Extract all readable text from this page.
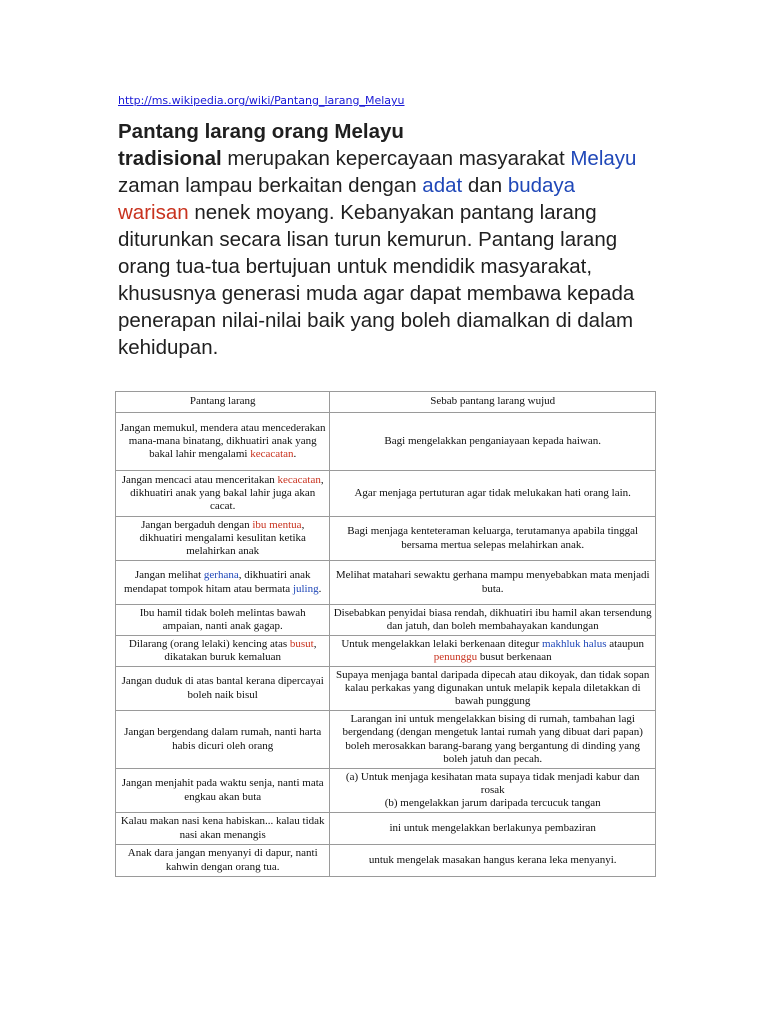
http://ms.wikipedia.org/wiki/Pantang_larang_Melayu
Pantang larang orang Melayu
tradisional merupakan kepercayaan masyarakat Melayu zaman lampau berkaitan dengan adat dan budaya warisan nenek moyang. Kebanyakan pantang larang diturunkan secara lisan turun kemurun. Pantang larang orang tua-tua bertujuan untuk mendidik masyarakat, khususnya generasi muda agar dapat membawa kepada penerapan nilai-nilai baik yang boleh diamalkan di dalam kehidupan.
Pantang larang	Sebab pantang larang wujud
Jangan memukul, mendera atau mencederakan mana-mana binatang, dikhuatiri anak yang bakal lahir mengalami kecacatan.	Bagi mengelakkan penganiayaan kepada haiwan.
Jangan mencaci atau menceritakan kecacatan, dikhuatiri anak yang bakal lahir juga akan cacat.	Agar menjaga pertuturan agar tidak melukakan hati orang lain.
Jangan bergaduh dengan ibu mentua, dikhuatiri mengalami kesulitan ketika melahirkan anak	Bagi menjaga kenteteraman keluarga, terutamanya apabila tinggal bersama mertua selepas melahirkan anak.
Jangan melihat gerhana, dikhuatiri anak mendapat tompok hitam atau bermata juling.	Melihat matahari sewaktu gerhana mampu menyebabkan mata menjadi buta.
Ibu hamil tidak boleh melintas bawah ampaian, nanti anak gagap.	Disebabkan penyidai biasa rendah, dikhuatiri ibu hamil akan tersendung dan jatuh, dan boleh membahayakan kandungan
Dilarang (orang lelaki) kencing atas busut, dikatakan buruk kemaluan	Untuk mengelakkan lelaki berkenaan ditegur makhluk halus ataupun penunggu busut berkenaan
Jangan duduk di atas bantal kerana dipercayai boleh naik bisul	Supaya menjaga bantal daripada dipecah atau dikoyak, dan tidak sopan kalau perkakas yang digunakan untuk melapik kepala diletakkan di bawah punggung
Jangan bergendang dalam rumah, nanti harta habis dicuri oleh orang	Larangan ini untuk mengelakkan bising di rumah, tambahan lagi bergendang (dengan mengetuk lantai rumah yang dibuat dari papan) boleh merosakkan barang-barang yang bergantung di dinding yang boleh jatuh dan pecah.
Jangan menjahit pada waktu senja, nanti mata engkau akan buta	(a) Untuk menjaga kesihatan mata supaya tidak menjadi kabur dan rosak
(b) mengelakkan jarum daripada tercucuk tangan
Kalau makan nasi kena habiskan... kalau tidak nasi akan menangis	ini untuk mengelakkan berlakunya pembaziran
Anak dara jangan menyanyi di dapur, nanti kahwin dengan orang tua.	untuk mengelak masakan hangus kerana leka menyanyi.
